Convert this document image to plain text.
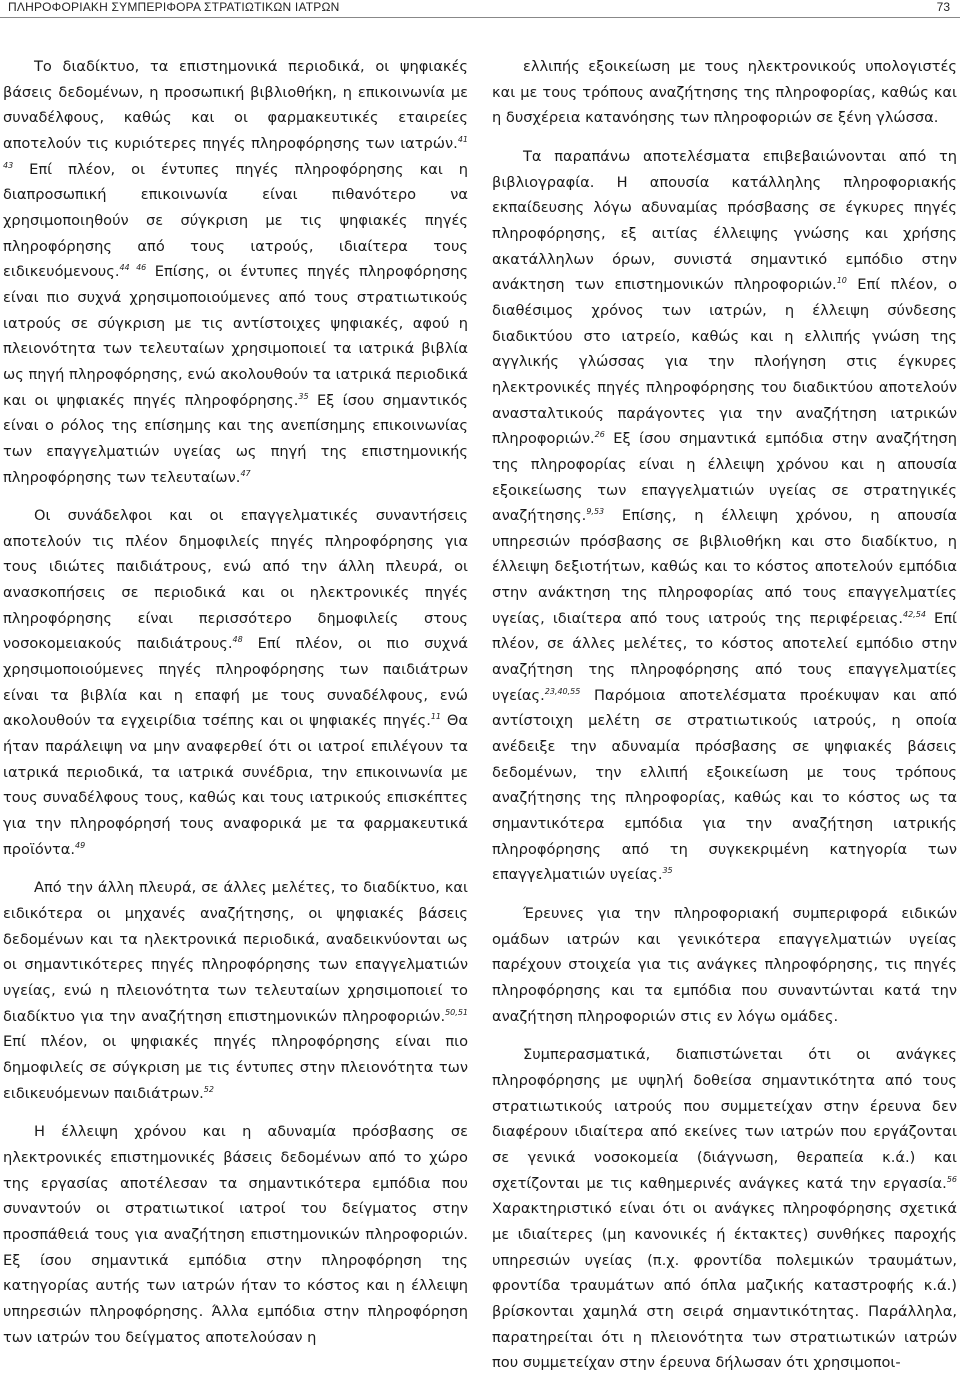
ΠΛΗΡΟΦΟΡΙΑΚΗ ΣΥΜΠΕΡΙΦΟΡΑ ΣΤΡΑΤΙΩΤΙΚΩΝ ΙΑΤΡΩΝ	73

Το διαδίκτυο, τα επιστημονικά περιοδικά, οι ψηφιακές βάσεις δεδομένων, η προσωπική βιβλιοθήκη, η επικοινωνία με συναδέλφους, καθώς και οι φαρμακευτικές εταιρείες αποτελούν τις κυριότερες πηγές πληροφόρησης των ιατρών.$^{41 43}$ Επί πλέον, οι έντυπες πηγές πληροφόρησης και η διαπροσωπική επικοινωνία είναι πιθανότερο να χρησιμοποιηθούν σε σύγκριση με τις ψηφιακές πηγές πληροφόρησης από τους ιατρούς, ιδιαίτερα τους ειδικευόμενους.$^{44 46}$ Επίσης, οι έντυπες πηγές πληροφόρησης είναι πιο συχνά χρησιμοποιούμενες από τους στρατιωτικούς ιατρούς σε σύγκριση με τις αντίστοιχες ψηφιακές, αφού η πλειονότητα των τελευταίων χρησιμοποιεί τα ιατρικά βιβλία ως πηγή πληροφόρησης, ενώ ακολουθούν τα ιατρικά περιοδικά και οι ψηφιακές πηγές πληροφόρησης.$^{35}$ Εξ ίσου σημαντικός είναι ο ρόλος της επίσημης και της ανεπίσημης επικοινωνίας των επαγγελματιών υγείας ως πηγή της επιστημονικής πληροφόρησης των τελευταίων.$^{47}$

Οι συνάδελφοι και οι επαγγελματικές συναντήσεις αποτελούν τις πλέον δημοφιλείς πηγές πληροφόρησης για τους ιδιώτες παιδιάτρους, ενώ από την άλλη πλευρά, οι ανασκοπήσεις σε περιοδικά και οι ηλεκτρονικές πηγές πληροφόρησης είναι περισσότερο δημοφιλείς στους νοσοκομειακούς παιδιάτρους.$^{48}$ Επί πλέον, οι πιο συχνά χρησιμοποιούμενες πηγές πληροφόρησης των παιδιάτρων είναι τα βιβλία και η επαφή με τους συναδέλφους, ενώ ακολουθούν τα εγχειρίδια τσέπης και οι ψηφιακές πηγές.$^{11}$ Θα ήταν παράλειψη να μην αναφερθεί ότι οι ιατροί επιλέγουν τα ιατρικά περιοδικά, τα ιατρικά συνέδρια, την επικοινωνία με τους συναδέλφους τους, καθώς και τους ιατρικούς επισκέπτες για την πληροφόρησή τους αναφορικά με τα φαρμακευτικά προϊόντα.$^{49}$

Από την άλλη πλευρά, σε άλλες μελέτες, το διαδίκτυο, και ειδικότερα οι μηχανές αναζήτησης, οι ψηφιακές βάσεις δεδομένων και τα ηλεκτρονικά περιοδικά, αναδεικνύονται ως οι σημαντικότερες πηγές πληροφόρησης των επαγγελματιών υγείας, ενώ η πλειονότητα των τελευταίων χρησιμοποιεί το διαδίκτυο για την αναζήτηση επιστημονικών πληροφοριών.$^{50,51}$ Επί πλέον, οι ψηφιακές πηγές πληροφόρησης είναι πιο δημοφιλείς σε σύγκριση με τις έντυπες στην πλειονότητα των ειδικευόμενων παιδιάτρων.$^{52}$

Η έλλειψη χρόνου και η αδυναμία πρόσβασης σε ηλεκτρονικές επιστημονικές βάσεις δεδομένων από το χώρο της εργασίας αποτέλεσαν τα σημαντικότερα εμπόδια που συναντούν οι στρατιωτικοί ιατροί του δείγματος στην προσπάθειά τους για αναζήτηση επιστημονικών πληροφοριών. Εξ ίσου σημαντικά εμπόδια στην πληροφόρηση της κατηγορίας αυτής των ιατρών ήταν το κόστος και η έλλειψη υπηρεσιών πληροφόρησης. Άλλα εμπόδια στην πληροφόρηση των ιατρών του δείγματος αποτελούσαν η

ελλιπής εξοικείωση με τους ηλεκτρονικούς υπολογιστές και με τους τρόπους αναζήτησης της πληροφορίας, καθώς και η δυσχέρεια κατανόησης των πληροφοριών σε ξένη γλώσσα.

Τα παραπάνω αποτελέσματα επιβεβαιώνονται από τη βιβλιογραφία. Η απουσία κατάλληλης πληροφοριακής εκπαίδευσης λόγω αδυναμίας πρόσβασης σε έγκυρες πηγές πληροφόρησης, εξ αιτίας έλλειψης γνώσης και χρήσης ακατάλληλων όρων, συνιστά σημαντικό εμπόδιο στην ανάκτηση των επιστημονικών πληροφοριών.$^{10}$ Επί πλέον, ο διαθέσιμος χρόνος των ιατρών, η έλλειψη σύνδεσης διαδικτύου στο ιατρείο, καθώς και η ελλιπής γνώση της αγγλικής γλώσσας για την πλοήγηση στις έγκυρες ηλεκτρονικές πηγές πληροφόρησης του διαδικτύου αποτελούν ανασταλτικούς παράγοντες για την αναζήτηση ιατρικών πληροφοριών.$^{26}$ Εξ ίσου σημαντικά εμπόδια στην αναζήτηση της πληροφορίας είναι η έλλειψη χρόνου και η απουσία εξοικείωσης των επαγγελματιών υγείας σε στρατηγικές αναζήτησης.$^{9,53}$ Επίσης, η έλλειψη χρόνου, η απουσία υπηρεσιών πρόσβασης σε βιβλιοθήκη και στο διαδίκτυο, η έλλειψη δεξιοτήτων, καθώς και το κόστος αποτελούν εμπόδια στην ανάκτηση της πληροφορίας από τους επαγγελματίες υγείας, ιδιαίτερα από τους ιατρούς της περιφέρειας.$^{42,54}$ Επί πλέον, σε άλλες μελέτες, το κόστος αποτελεί εμπόδιο στην αναζήτηση της πληροφόρησης από τους επαγγελματίες υγείας.$^{23,40,55}$ Παρόμοια αποτελέσματα προέκυψαν και από αντίστοιχη μελέτη σε στρατιωτικούς ιατρούς, η οποία ανέδειξε την αδυναμία πρόσβασης σε ψηφιακές βάσεις δεδομένων, την ελλιπή εξοικείωση με τους τρόπους αναζήτησης της πληροφορίας, καθώς και το κόστος ως τα σημαντικότερα εμπόδια για την αναζήτηση ιατρικής πληροφόρησης από τη συγκεκριμένη κατηγορία των επαγγελματιών υγείας.$^{35}$

Έρευνες για την πληροφοριακή συμπεριφορά ειδικών ομάδων ιατρών και γενικότερα επαγγελματιών υγείας παρέχουν στοιχεία για τις ανάγκες πληροφόρησης, τις πηγές πληροφόρησης και τα εμπόδια που συναντώνται κατά την αναζήτηση πληροφοριών στις εν λόγω ομάδες.

Συμπερασματικά, διαπιστώνεται ότι οι ανάγκες πληροφόρησης με υψηλή δοθείσα σημαντικότητα από τους στρατιωτικούς ιατρούς που συμμετείχαν στην έρευνα δεν διαφέρουν ιδιαίτερα από εκείνες των ιατρών που εργάζονται σε γενικά νοσοκομεία (διάγνωση, θεραπεία κ.ά.) και σχετίζονται με τις καθημερινές ανάγκες κατά την εργασία.$^{56}$ Χαρακτηριστικό είναι ότι οι ανάγκες πληροφόρησης σχετικά με ιδιαίτερες (μη κανονικές ή έκτακτες) συνθήκες παροχής υπηρεσιών υγείας (π.χ. φροντίδα πολεμικών τραυμάτων, φροντίδα τραυμάτων από όπλα μαζικής καταστροφής κ.ά.) βρίσκονται χαμηλά στη σειρά σημαντικότητας. Παράλληλα, παρατηρείται ότι η πλειονότητα των στρατιωτικών ιατρών που συμμετείχαν στην έρευνα δήλωσαν ότι χρησιμοποι-
